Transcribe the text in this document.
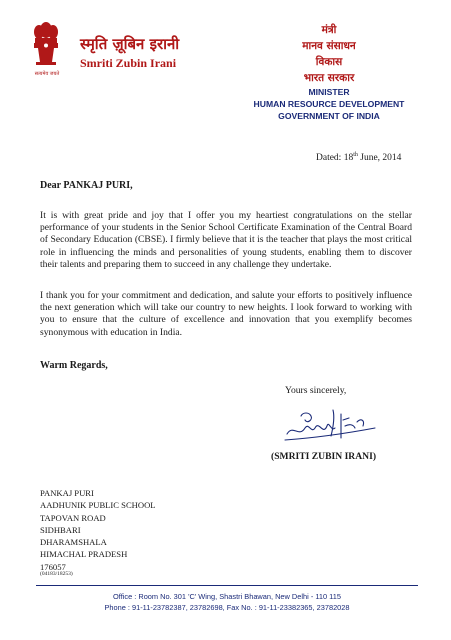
सत्यमेव जयते
स्मृति ज़ूबिन इरानी
Smriti Zubin Irani
मंत्री
मानव संसाधन
विकास
भारत सरकार
MINISTER
HUMAN RESOURCE DEVELOPMENT
GOVERNMENT OF INDIA
Dated: 18th June, 2014
Dear PANKAJ PURI,

It is with great pride and joy that I offer you my heartiest congratulations on the stellar performance of your students in the Senior School Certificate Examination of the Central Board of Secondary Education (CBSE). I firmly believe that it is the teacher that plays the most critical role in influencing the minds and personalities of young students, enabling them to discover their talents and preparing them to succeed in any challenge they undertake.

I thank you for your commitment and dedication, and salute your efforts to positively influence the next generation which will take our country to new heights. I look forward to working with you to ensure that the culture of excellence and innovation that you exemplify becomes synonymous with education in India.

Warm Regards,
Yours sincerely,
(SMRITI ZUBIN IRANI)
PANKAJ PURI
AADHUNIK PUBLIC SCHOOL
TAPOVAN ROAD
SIDHBARI
DHARAMSHALA
HIMACHAL PRADESH
176057
(04183/18253)
Office : Room No. 301 'C' Wing, Shastri Bhawan, New Delhi - 110 115
Phone : 91-11-23782387, 23782698, Fax No. : 91-11-23382365, 23782028
